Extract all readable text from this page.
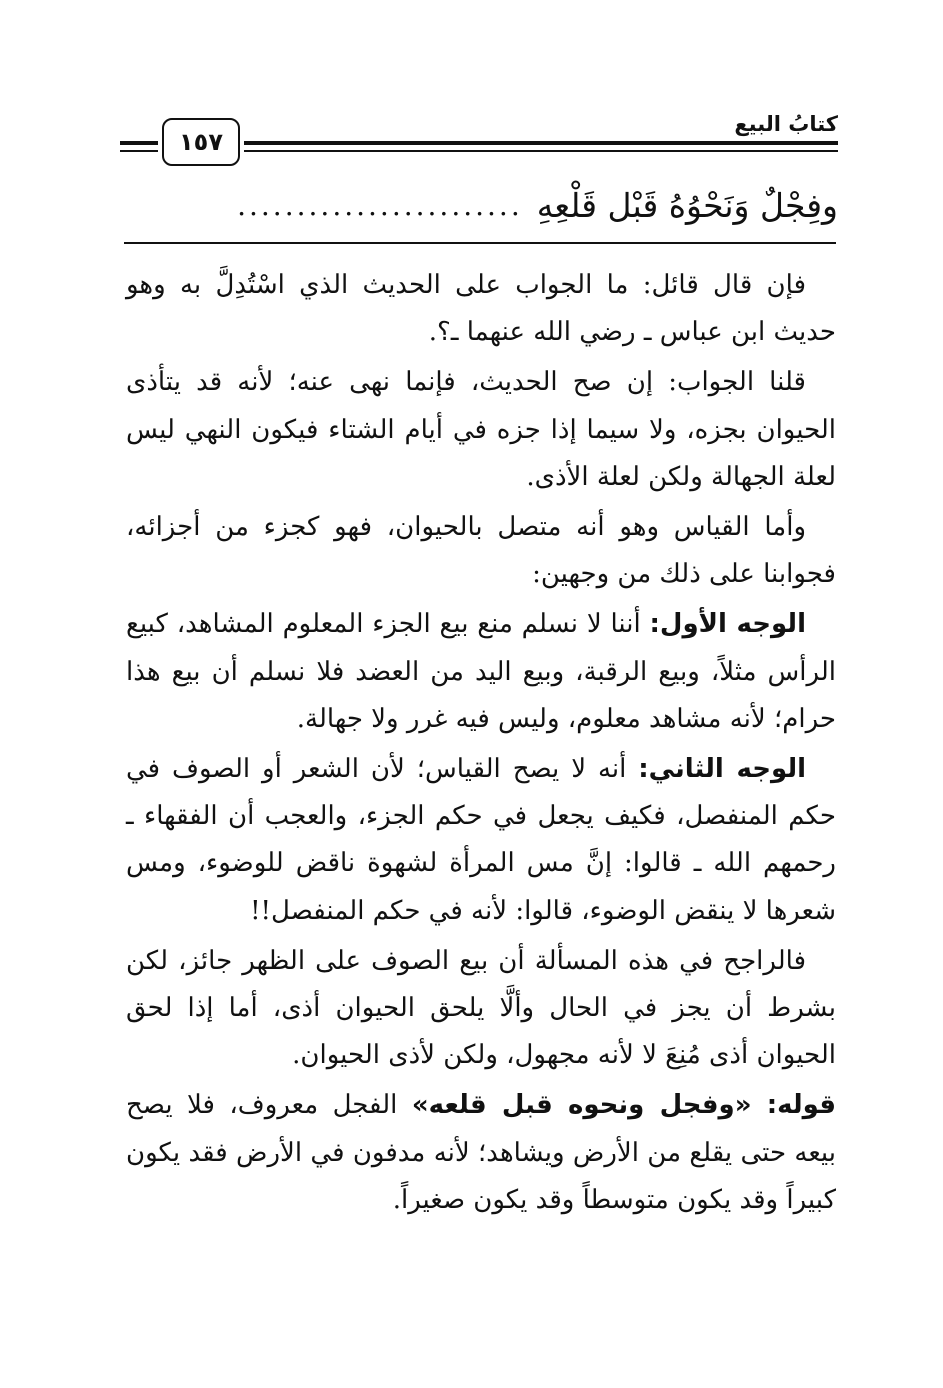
١٥٧
كتابُ البيع
وفِجْلٌ وَنَحْوُهُ قَبْل قَلْعِهِ
........................

فإن قال قائل: ما الجواب على الحديث الذي اسْتُدِلَّ به وهو حديث ابن عباس ـ رضي الله عنهما ـ؟.

قلنا الجواب: إن صح الحديث، فإنما نهى عنه؛ لأنه قد يتأذى الحيوان بجزه، ولا سيما إذا جزه في أيام الشتاء فيكون النهي ليس لعلة الجهالة ولكن لعلة الأذى.

وأما القياس وهو أنه متصل بالحيوان، فهو كجزء من أجزائه، فجوابنا على ذلك من وجهين:

الوجه الأول: أننا لا نسلم منع بيع الجزء المعلوم المشاهد، كبيع الرأس مثلاً، وبيع الرقبة، وبيع اليد من العضد فلا نسلم أن بيع هذا حرام؛ لأنه مشاهد معلوم، وليس فيه غرر ولا جهالة.

الوجه الثاني: أنه لا يصح القياس؛ لأن الشعر أو الصوف في حكم المنفصل، فكيف يجعل في حكم الجزء، والعجب أن الفقهاء ـ رحمهم الله ـ قالوا: إنَّ مس المرأة لشهوة ناقض للوضوء، ومس شعرها لا ينقض الوضوء، قالوا: لأنه في حكم المنفصل!!

فالراجح في هذه المسألة أن بيع الصوف على الظهر جائز، لكن بشرط أن يجز في الحال وألَّا يلحق الحيوان أذى، أما إذا لحق الحيوان أذى مُنِعَ لا لأنه مجهول، ولكن لأذى الحيوان.

قوله: «وفجل ونحوه قبل قلعه» الفجل معروف، فلا يصح بيعه حتى يقلع من الأرض ويشاهد؛ لأنه مدفون في الأرض فقد يكون كبيراً وقد يكون متوسطاً وقد يكون صغيراً.
